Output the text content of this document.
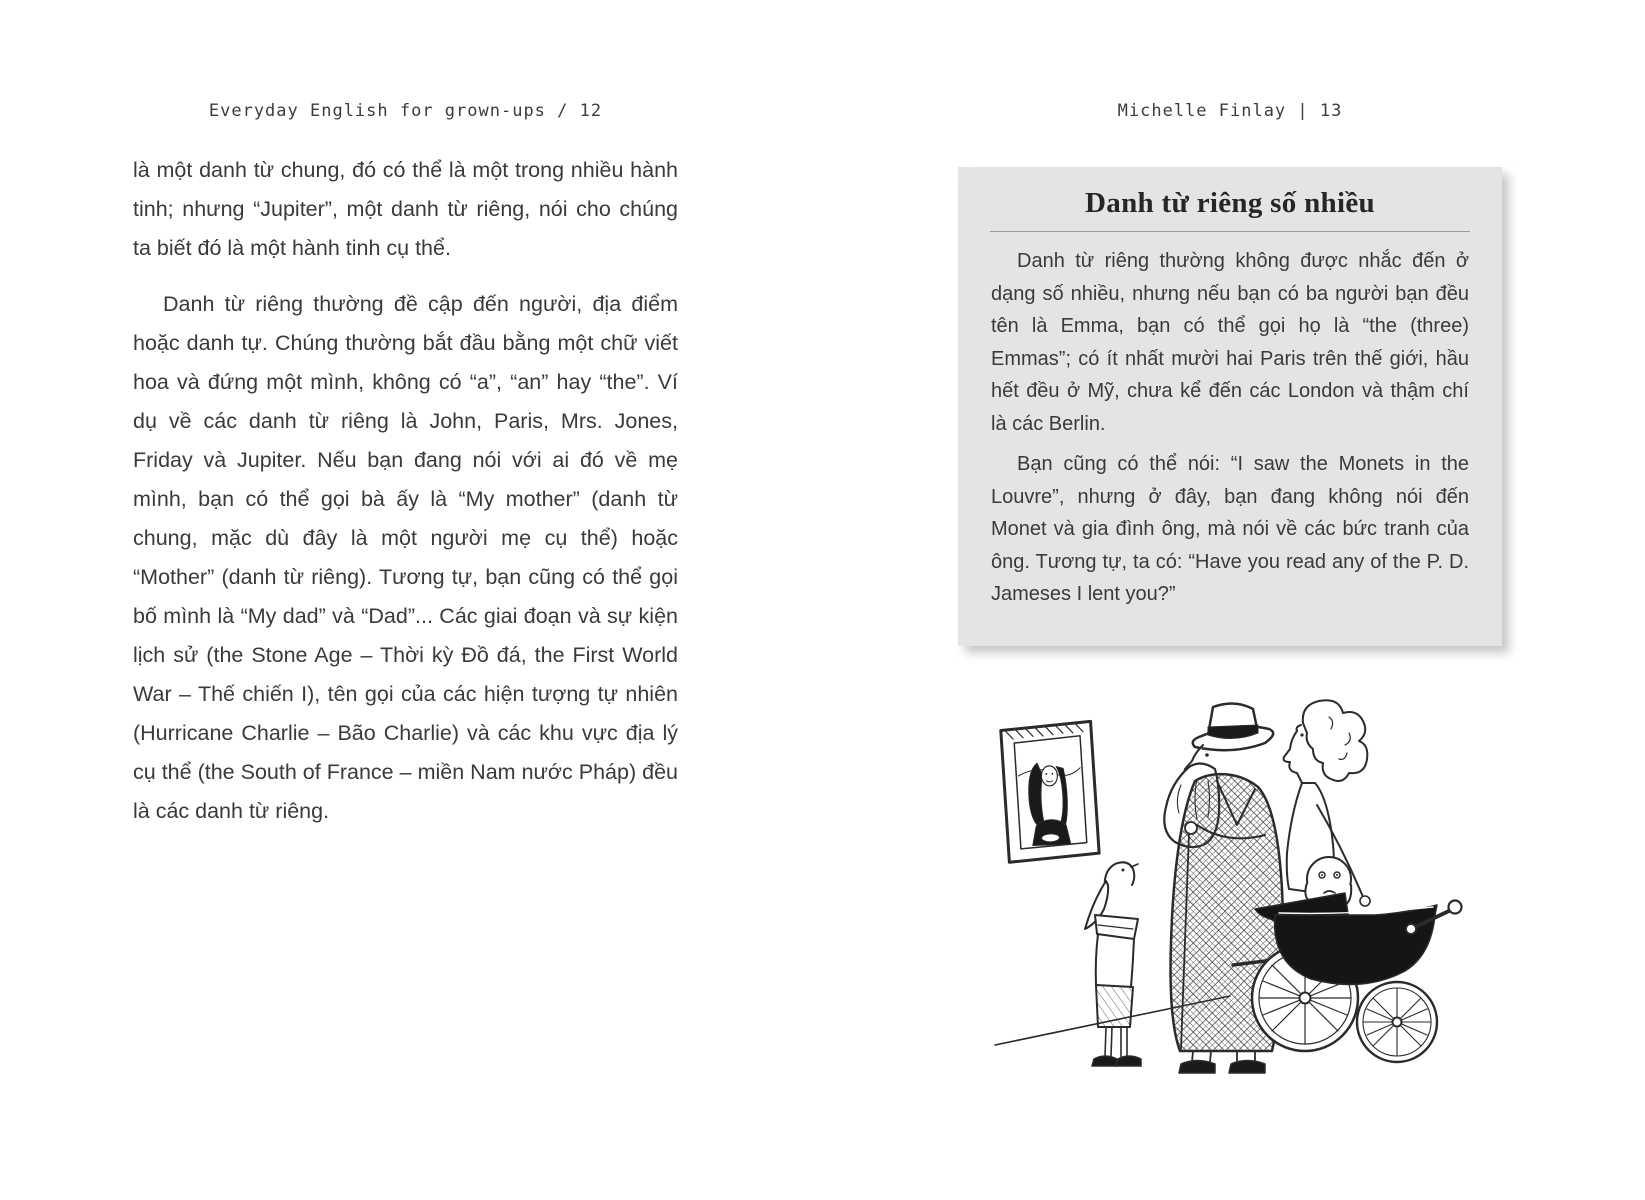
Everyday English for grown-ups / 12

là một danh từ chung, đó có thể là một trong nhiều hành tinh; nhưng “Jupiter”, một danh từ riêng, nói cho chúng ta biết đó là một hành tinh cụ thể.

Danh từ riêng thường đề cập đến người, địa điểm hoặc danh tự. Chúng thường bắt đầu bằng một chữ viết hoa và đứng một mình, không có “a”, “an” hay “the”. Ví dụ về các danh từ riêng là John, Paris, Mrs. Jones, Friday và Jupiter. Nếu bạn đang nói với ai đó về mẹ mình, bạn có thể gọi bà ấy là “My mother” (danh từ chung, mặc dù đây là một người mẹ cụ thể) hoặc “Mother” (danh từ riêng). Tương tự, bạn cũng có thể gọi bố mình là “My dad” và “Dad”... Các giai đoạn và sự kiện lịch sử (the Stone Age – Thời kỳ Đồ đá, the First World War – Thế chiến I), tên gọi của các hiện tượng tự nhiên (Hurricane Charlie – Bão Charlie) và các khu vực địa lý cụ thể (the South of France – miền Nam nước Pháp) đều là các danh từ riêng.

Michelle Finlay | 13
Danh từ riêng số nhiều

Danh từ riêng thường không được nhắc đến ở dạng số nhiều, nhưng nếu bạn có ba người bạn đều tên là Emma, bạn có thể gọi họ là “the (three) Emmas”; có ít nhất mười hai Paris trên thế giới, hầu hết đều ở Mỹ, chưa kể đến các London và thậm chí là các Berlin.

Bạn cũng có thể nói: “I saw the Monets in the Louvre”, nhưng ở đây, bạn đang không nói đến Monet và gia đình ông, mà nói về các bức tranh của ông. Tương tự, ta có: “Have you read any of the P. D. Jameses I lent you?”
